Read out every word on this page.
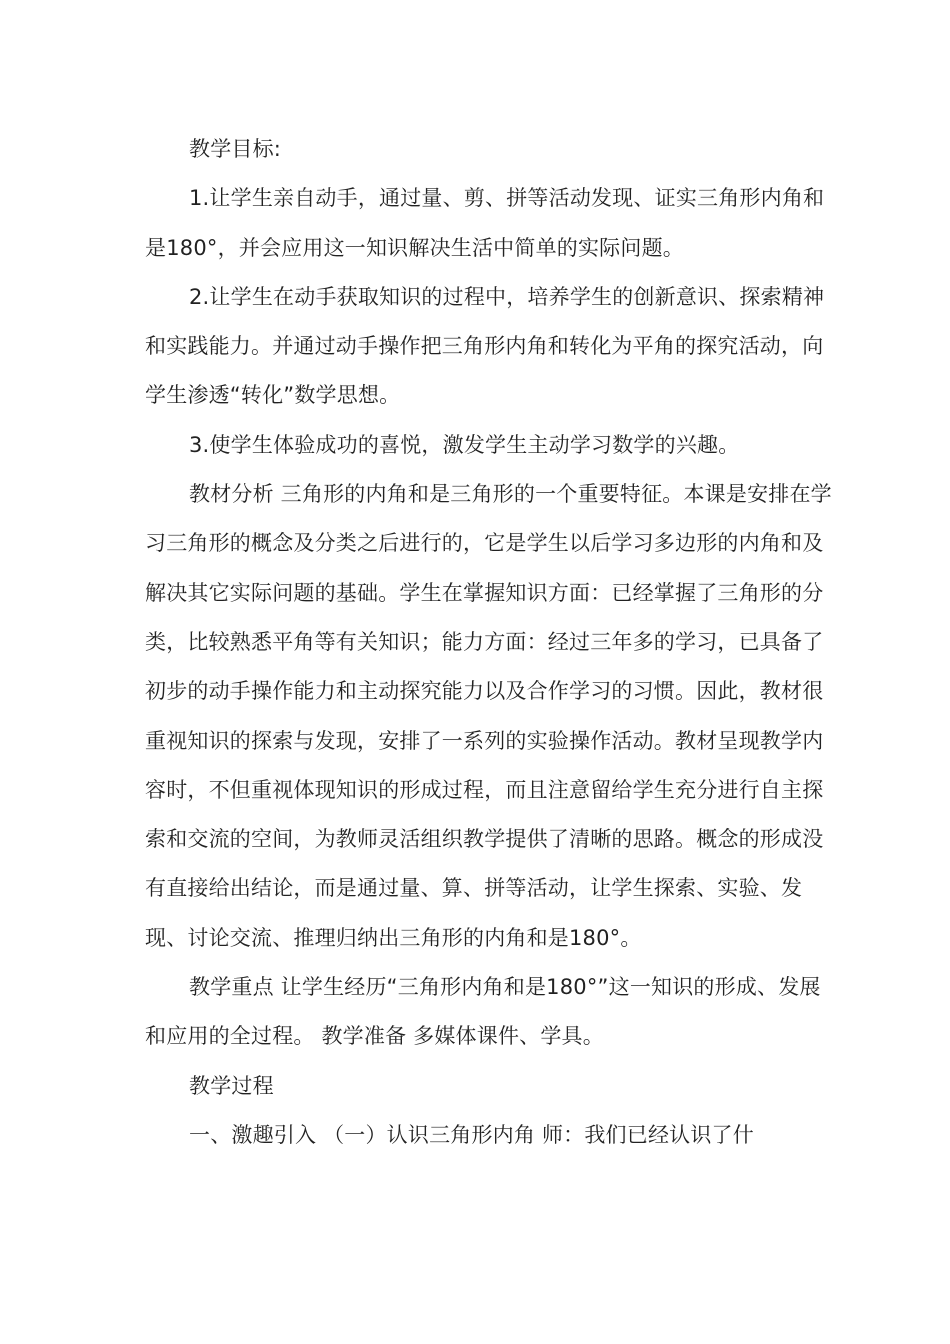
教学目标:

1.让学生亲自动手，通过量、剪、拼等活动发现、证实三角形内角和是180°，并会应用这一知识解决生活中简单的实际问题。

2.让学生在动手获取知识的过程中，培养学生的创新意识、探索精神和实践能力。并通过动手操作把三角形内角和转化为平角的探究活动，向学生渗透“转化”数学思想。

3.使学生体验成功的喜悦，激发学生主动学习数学的兴趣。

教材分析 三角形的内角和是三角形的一个重要特征。本课是安排在学习三角形的概念及分类之后进行的，它是学生以后学习多边形的内角和及解决其它实际问题的基础。学生在掌握知识方面：已经掌握了三角形的分类，比较熟悉平角等有关知识；能力方面：经过三年多的学习，已具备了初步的动手操作能力和主动探究能力以及合作学习的习惯。因此，教材很重视知识的探索与发现，安排了一系列的实验操作活动。教材呈现教学内容时，不但重视体现知识的形成过程，而且注意留给学生充分进行自主探索和交流的空间，为教师灵活组织教学提供了清晰的思路。概念的形成没有直接给出结论，而是通过量、算、拼等活动，让学生探索、实验、发现、讨论交流、推理归纳出三角形的内角和是180°。

教学重点 让学生经历“三角形内角和是180°”这一知识的形成、发展和应用的全过程。 教学准备 多媒体课件、学具。

教学过程

一、激趣引入 （一）认识三角形内角 师：我们已经认识了什
